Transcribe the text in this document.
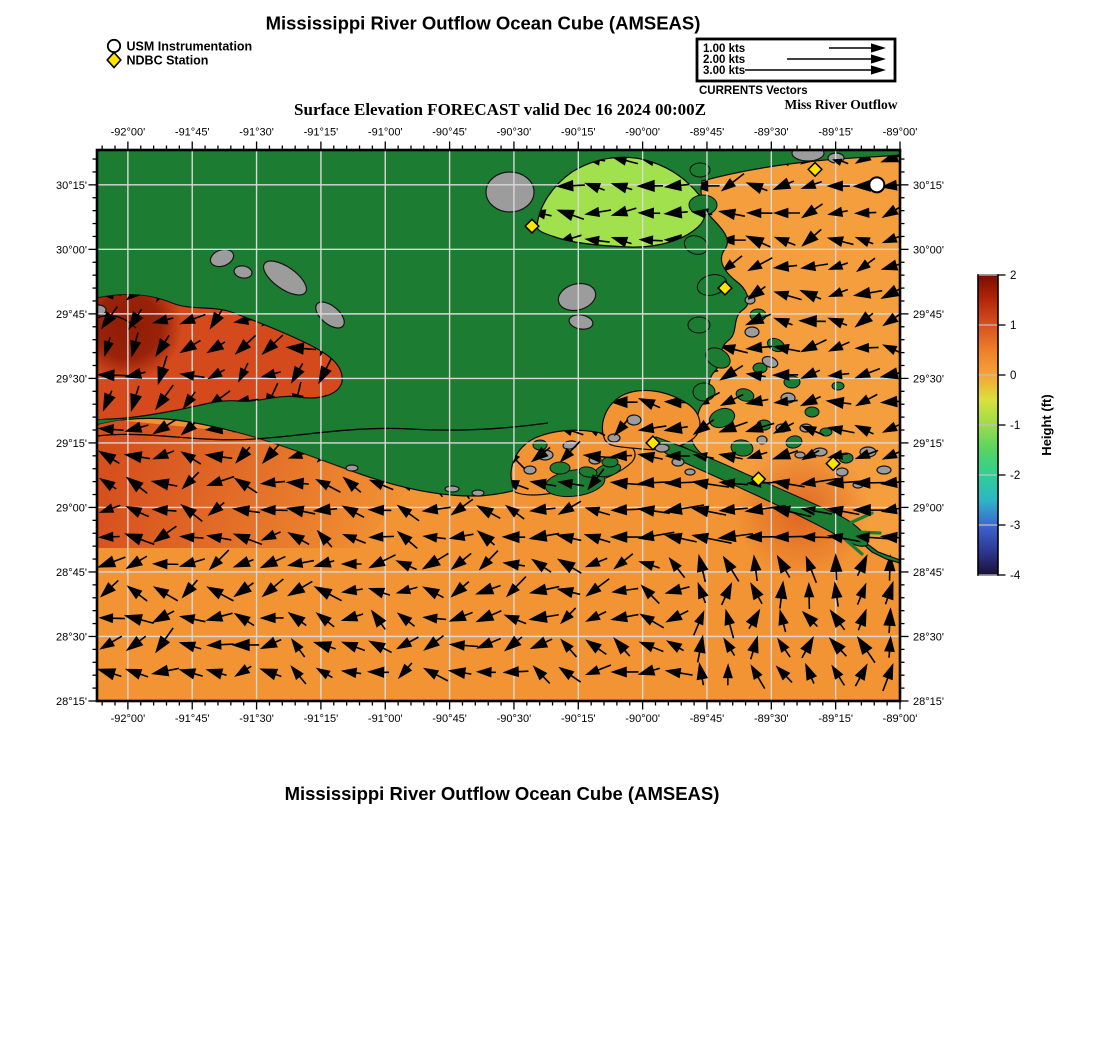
Mississippi River Outflow Ocean Cube (AMSEAS)
USM Instrumentation
NDBC Station
1.00 kts
2.00 kts
3.00 kts
CURRENTS Vectors
Miss River Outflow
Surface Elevation FORECAST valid Dec 16 2024 00:00Z
-92°00'
-92°00'
-91°45'
-91°45'
-91°30'
-91°30'
-91°15'
-91°15'
-91°00'
-91°00'
-90°45'
-90°45'
-90°30'
-90°30'
-90°15'
-90°15'
-90°00'
-90°00'
-89°45'
-89°45'
-89°30'
-89°30'
-89°15'
-89°15'
-89°00'
-89°00'
28°15'	28°15'
28°30'	28°30'
28°45'	28°45'
29°00'	29°00'
29°15'	29°15'
29°30'	29°30'
29°45'	29°45'
30°00'	30°00'
30°15'	30°15'
2
1
0
-1
-2
-3
-4
Height (ft)
Mississippi River Outflow Ocean Cube (AMSEAS)
